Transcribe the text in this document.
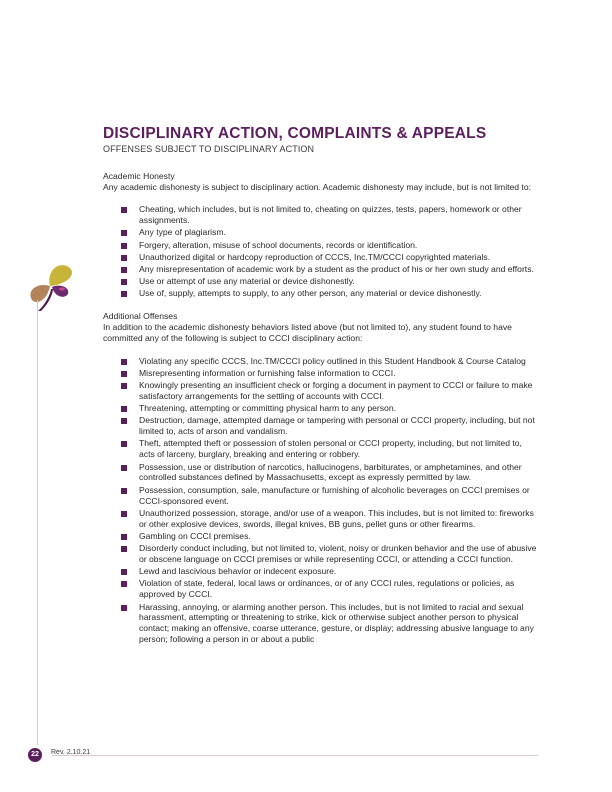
DISCIPLINARY ACTION, COMPLAINTS & APPEALS
OFFENSES SUBJECT TO DISCIPLINARY ACTION
Academic Honesty
Any academic dishonesty is subject to disciplinary action. Academic dishonesty may include, but is not limited to:
Cheating, which includes, but is not limited to, cheating on quizzes, tests, papers, homework or other assignments.
Any type of plagiarism.
Forgery, alteration, misuse of school documents, records or identification.
Unauthorized digital or hardcopy reproduction of CCCS, Inc.TM/CCCI copyrighted materials.
Any misrepresentation of academic work by a student as the product of his or her own study and efforts.
Use or attempt of use any material or device dishonestly.
Use of, supply, attempts to supply, to any other person, any material or device dishonestly.
Additional Offenses
In addition to the academic dishonesty behaviors listed above (but not limited to), any student found to have committed any of the following is subject to CCCI disciplinary action:
Violating any specific CCCS, Inc.TM/CCCI policy outlined in this Student Handbook & Course Catalog
Misrepresenting information or furnishing false information to CCCI.
Knowingly presenting an insufficient check or forging a document in payment to CCCI or failure to make satisfactory arrangements for the settling of accounts with CCCI.
Threatening, attempting or committing physical harm to any person.
Destruction, damage, attempted damage or tampering with personal or CCCI property, including, but not limited to, acts of arson and vandalism.
Theft, attempted theft or possession of stolen personal or CCCI property, including, but not limited to, acts of larceny, burglary, breaking and entering or robbery.
Possession, use or distribution of narcotics, hallucinogens, barbiturates, or amphetamines, and other controlled substances defined by Massachusetts, except as expressly permitted by law.
Possession, consumption, sale, manufacture or furnishing of alcoholic beverages on CCCI premises or CCCI-sponsored event.
Unauthorized possession, storage, and/or use of a weapon. This includes, but is not limited to: fireworks or other explosive devices, swords, illegal knives, BB guns, pellet guns or other firearms.
Gambling on CCCI premises.
Disorderly conduct including, but not limited to, violent, noisy or drunken behavior and the use of abusive or obscene language on CCCI premises or while representing CCCI, or attending a CCCI function.
Lewd and lascivious behavior or indecent exposure.
Violation of state, federal, local laws or ordinances, or of any CCCI rules, regulations or policies, as approved by CCCI.
Harassing, annoying, or alarming another person. This includes, but is not limited to racial and sexual harassment, attempting or threatening to strike, kick or otherwise subject another person to physical contact; making an offensive, coarse utterance, gesture, or display; addressing abusive language to any person; following a person in or about a public
22	Rev. 2.10.21
